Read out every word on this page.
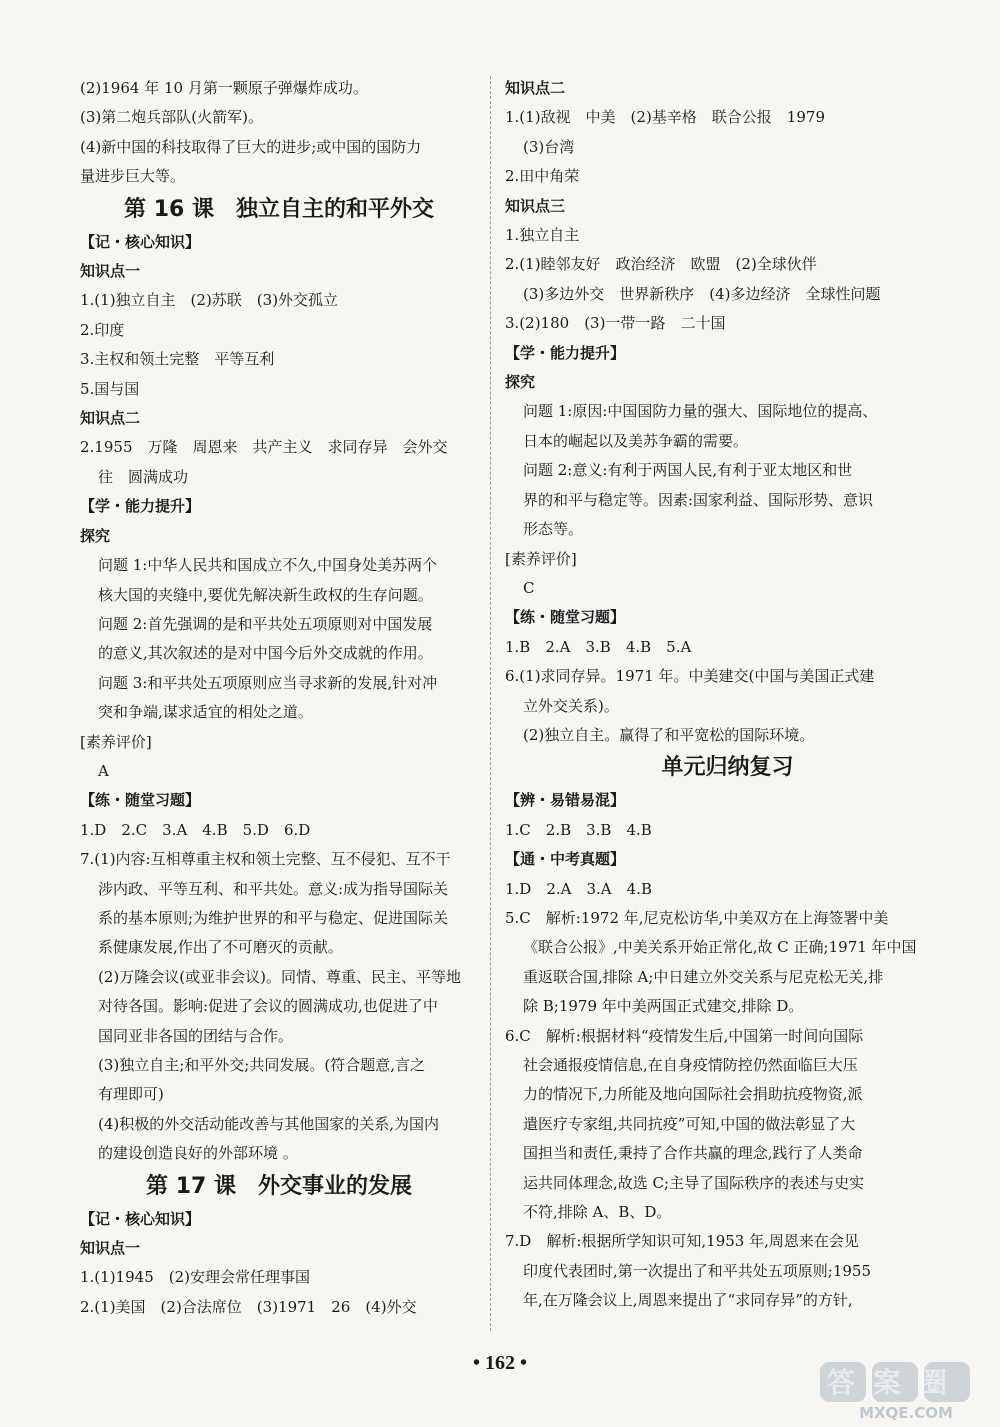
(2)1964 年 10 月第一颗原子弹爆炸成功。
(3)第二炮兵部队(火箭军)。
(4)新中国的科技取得了巨大的进步;或中国的国防力
量进步巨大等。
第 16 课　独立自主的和平外交
【记・核心知识】
知识点一
1.(1)独立自主　(2)苏联　(3)外交孤立
2.印度
3.主权和领土完整　平等互利
5.国与国
知识点二
2.1955　万隆　周恩来　共产主义　求同存异　会外交
往　圆满成功
【学・能力提升】
探究
问题 1:中华人民共和国成立不久,中国身处美苏两个
核大国的夹缝中,要优先解决新生政权的生存问题。
问题 2:首先强调的是和平共处五项原则对中国发展
的意义,其次叙述的是对中国今后外交成就的作用。
问题 3:和平共处五项原则应当寻求新的发展,针对冲
突和争端,谋求适宜的相处之道。
[素养评价]
A
【练・随堂习题】
1.D　2.C　3.A　4.B　5.D　6.D
7.(1)内容:互相尊重主权和领土完整、互不侵犯、互不干
涉内政、平等互利、和平共处。意义:成为指导国际关
系的基本原则;为维护世界的和平与稳定、促进国际关
系健康发展,作出了不可磨灭的贡献。
(2)万隆会议(或亚非会议)。同情、尊重、民主、平等地
对待各国。影响:促进了会议的圆满成功,也促进了中
国同亚非各国的团结与合作。
(3)独立自主;和平外交;共同发展。(符合题意,言之
有理即可)
(4)积极的外交活动能改善与其他国家的关系,为国内
的建设创造良好的外部环境 。
第 17 课　外交事业的发展
【记・核心知识】
知识点一
1.(1)1945　(2)安理会常任理事国
2.(1)美国　(2)合法席位　(3)1971　26　(4)外交
知识点二
1.(1)敌视　中美　(2)基辛格　联合公报　1979
(3)台湾
2.田中角荣
知识点三
1.独立自主
2.(1)睦邻友好　政治经济　欧盟　(2)全球伙伴
(3)多边外交　世界新秩序　(4)多边经济　全球性问题
3.(2)180　(3)一带一路　二十国
【学・能力提升】
探究
问题 1:原因:中国国防力量的强大、国际地位的提高、
日本的崛起以及美苏争霸的需要。
问题 2:意义:有利于两国人民,有利于亚太地区和世
界的和平与稳定等。因素:国家利益、国际形势、意识
形态等。
[素养评价]
C
【练・随堂习题】
1.B　2.A　3.B　4.B　5.A
6.(1)求同存异。1971 年。中美建交(中国与美国正式建
立外交关系)。
(2)独立自主。赢得了和平宽松的国际环境。
单元归纳复习
【辨・易错易混】
1.C　2.B　3.B　4.B
【通・中考真题】
1.D　2.A　3.A　4.B
5.C　解析:1972 年,尼克松访华,中美双方在上海签署中美
《联合公报》,中美关系开始正常化,故 C 正确;1971 年中国
重返联合国,排除 A;中日建立外交关系与尼克松无关,排
除 B;1979 年中美两国正式建交,排除 D。
6.C　解析:根据材料“疫情发生后,中国第一时间向国际
社会通报疫情信息,在自身疫情防控仍然面临巨大压
力的情况下,力所能及地向国际社会捐助抗疫物资,派
遣医疗专家组,共同抗疫”可知,中国的做法彰显了大
国担当和责任,秉持了合作共赢的理念,践行了人类命
运共同体理念,故选 C;主导了国际秩序的表述与史实
不符,排除 A、B、D。
7.D　解析:根据所学知识可知,1953 年,周恩来在会见
印度代表团时,第一次提出了和平共处五项原则;1955
年,在万隆会议上,周恩来提出了“求同存异”的方针,
• 162 •
答案圈
MXQE.COM
